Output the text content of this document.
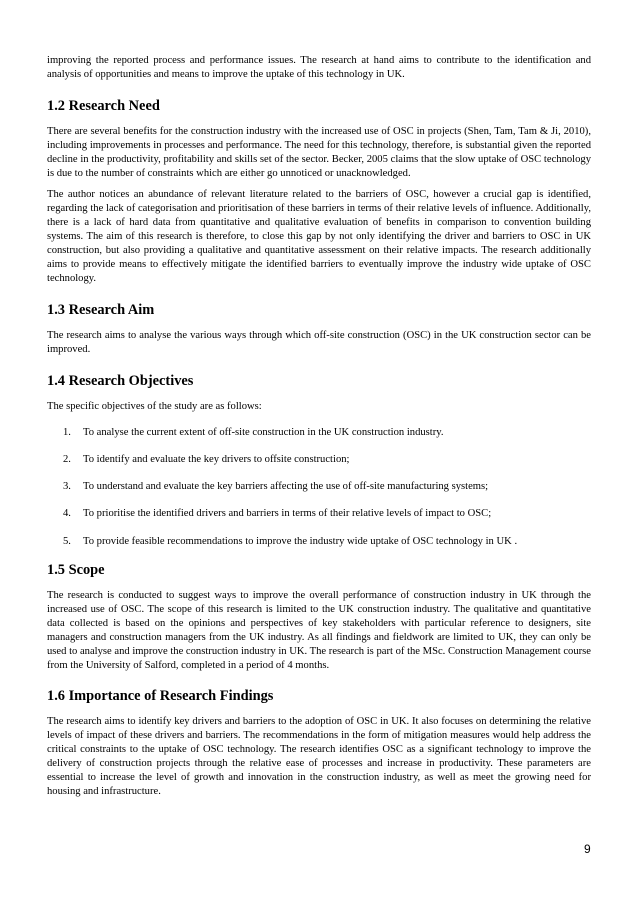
improving the reported process and performance issues. The research at hand aims to contribute to the identification and analysis of opportunities and means to improve the uptake of this technology in UK.

1.2 Research Need

There are several benefits for the construction industry with the increased use of OSC in projects (Shen, Tam, Tam & Ji, 2010), including improvements in processes and performance. The need for this technology, therefore, is substantial given the reported decline in the productivity, profitability and skills set of the sector. Becker, 2005 claims that the slow uptake of OSC technology is due to the number of constraints which are either go unnoticed or unacknowledged.

The author notices an abundance of relevant literature related to the barriers of OSC, however a crucial gap is identified, regarding the lack of categorisation and prioritisation of these barriers in terms of their relative levels of influence. Additionally, there is a lack of hard data from quantitative and qualitative evaluation of benefits in comparison to convention building systems. The aim of this research is therefore, to close this gap by not only identifying the driver and barriers to OSC in UK construction, but also providing a qualitative and quantitative assessment on their relative impacts. The research additionally aims to provide means to effectively mitigate the identified barriers to eventually improve the industry wide uptake of OSC technology.

1.3 Research Aim

The research aims to analyse the various ways through which off-site construction (OSC) in the UK construction sector can be improved.

1.4 Research Objectives

The specific objectives of the study are as follows:

1. To analyse the current extent of off-site construction in the UK construction industry.
2. To identify and evaluate the key drivers to offsite construction;
3. To understand and evaluate the key barriers affecting the use of off-site manufacturing systems;
4. To prioritise the identified drivers and barriers in terms of their relative levels of impact to OSC;
5. To provide feasible recommendations to improve the industry wide uptake of OSC technology in UK .
1.5 Scope

The research is conducted to suggest ways to improve the overall performance of construction industry in UK through the increased use of OSC. The scope of this research is limited to the UK construction industry. The qualitative and quantitative data collected is based on the opinions and perspectives of key stakeholders with particular reference to designers, site managers and construction managers from the UK industry. As all findings and fieldwork are limited to UK, they can only be used to analyse and improve the construction industry in UK. The research is part of the MSc. Construction Management course from the University of Salford, completed in a period of 4 months.

1.6 Importance of Research Findings

The research aims to identify key drivers and barriers to the adoption of OSC in UK. It also focuses on determining the relative levels of impact of these drivers and barriers. The recommendations in the form of mitigation measures would help address the critical constraints to the uptake of OSC technology. The research identifies OSC as a significant technology to improve the delivery of construction projects through the relative ease of processes and increase in productivity. These parameters are essential to increase the level of growth and innovation in the construction industry, as well as meet the growing need for housing and infrastructure.

9
